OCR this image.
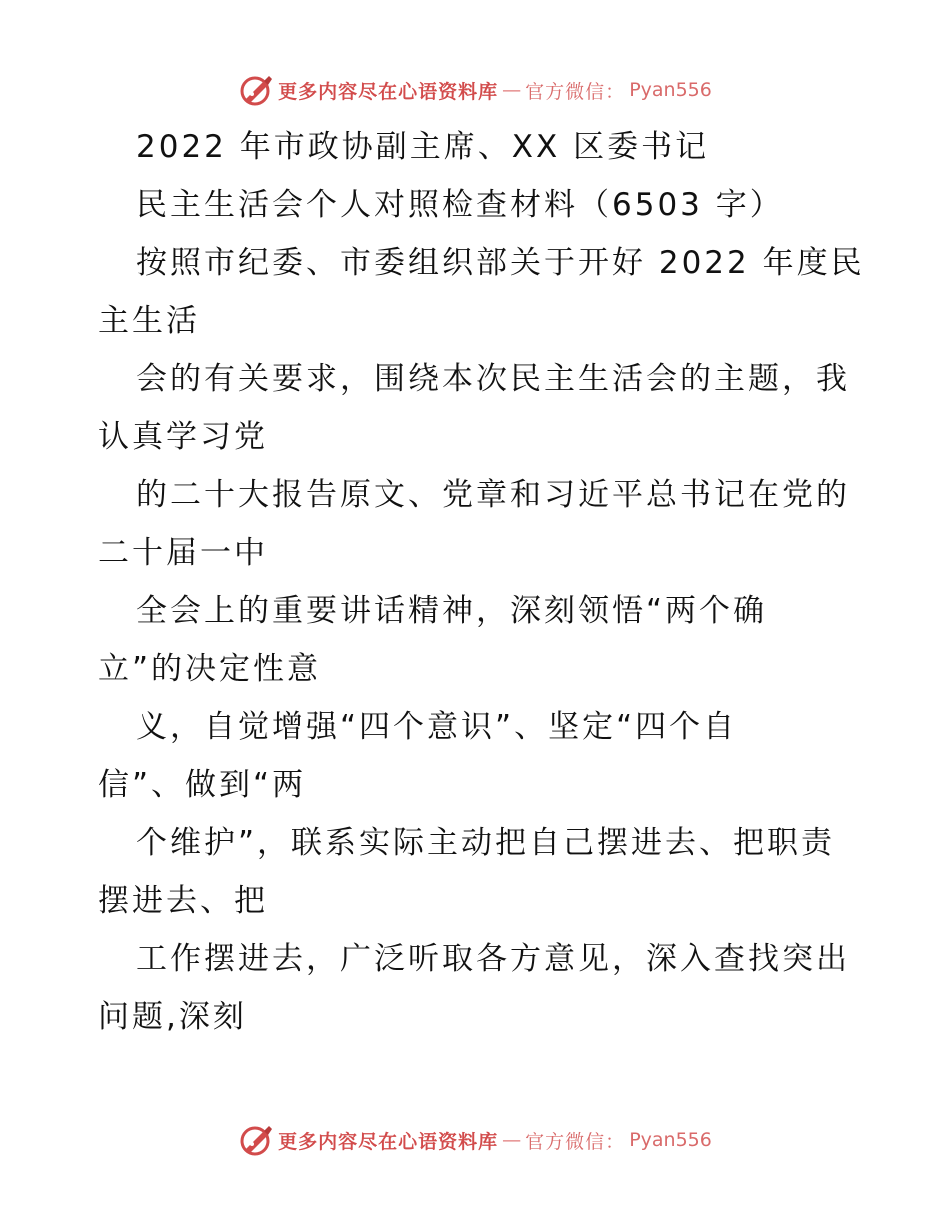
更多内容尽在心语资料库 — 官方微信： Pyan556
2022 年市政协副主席、XX 区委书记
民主生活会个人对照检查材料（6503 字）
按照市纪委、市委组织部关于开好 2022 年度民
主生活
会的有关要求，围绕本次民主生活会的主题，我
认真学习党
的二十大报告原文、党章和习近平总书记在党的
二十届一中
全会上的重要讲话精神，深刻领悟“两个确
立”的决定性意
义，自觉增强“四个意识”、坚定“四个自
信”、做到“两
个维护”，联系实际主动把自己摆进去、把职责
摆进去、把
工作摆进去，广泛听取各方意见，深入查找突出
问题,深刻
更多内容尽在心语资料库 — 官方微信： Pyan556
